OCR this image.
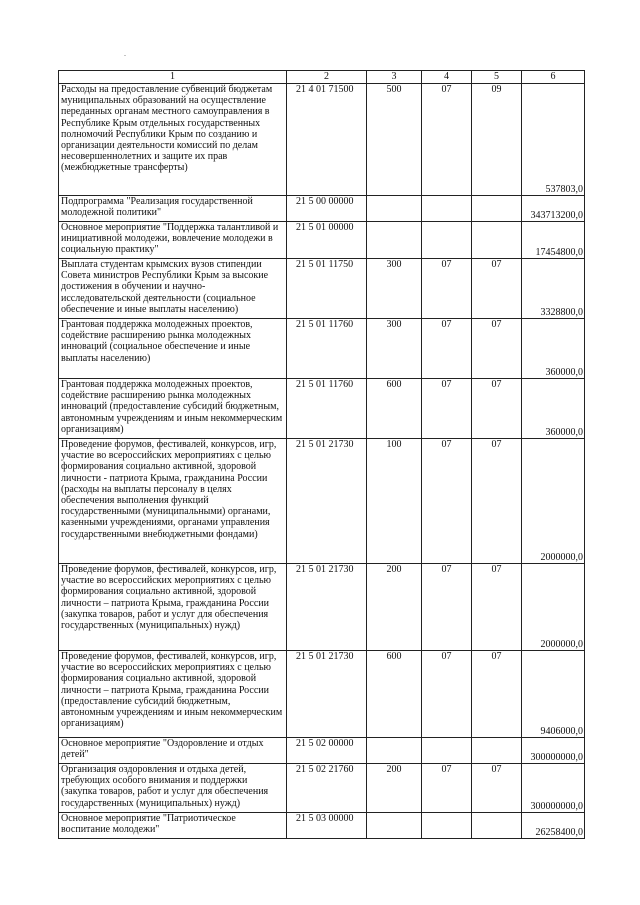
.
1	2	3	4	5	6
Расходы на предоставление субвенций бюджетам муниципальных образований на осуществление переданных органам местного самоуправления в Республике Крым отдельных государственных полномочий Республики Крым по созданию и организации деятельности комиссий по делам несовершеннолетних и защите их прав (межбюджетные трансферты)	21 4 01 71500	500	07	09	537803,0
Подпрограмма "Реализация государственной молодежной политики"	21 5 00 00000				343713200,0
Основное мероприятие "Поддержка талантливой и инициативной молодежи, вовлечение молодежи в социальную практику"	21 5 01 00000				17454800,0
Выплата студентам крымских вузов стипендии Совета министров Республики Крым за высокие достижения в обучении и научно-исследовательской деятельности (социальное обеспечение и иные выплаты населению)	21 5 01 11750	300	07	07	3328800,0
Грантовая поддержка молодежных проектов, содействие расширению рынка молодежных инноваций (социальное обеспечение и иные выплаты населению)	21 5 01 11760	300	07	07	360000,0
Грантовая поддержка молодежных проектов, содействие расширению рынка молодежных инноваций (предоставление субсидий бюджетным, автономным учреждениям и иным некоммерческим организациям)	21 5 01 11760	600	07	07	360000,0
Проведение форумов, фестивалей, конкурсов, игр, участие во всероссийских мероприятиях с целью формирования социально активной, здоровой личности - патриота Крыма, гражданина России (расходы на выплаты персоналу в целях обеспечения выполнения функций государственными (муниципальными) органами, казенными учреждениями, органами управления государственными внебюджетными фондами)	21 5 01 21730	100	07	07	2000000,0
Проведение форумов, фестивалей, конкурсов, игр, участие во всероссийских мероприятиях с целью формирования социально активной, здоровой личности – патриота Крыма, гражданина России (закупка товаров, работ и услуг для обеспечения государственных (муниципальных) нужд)	21 5 01 21730	200	07	07	2000000,0
Проведение форумов, фестивалей, конкурсов, игр, участие во всероссийских мероприятиях с целью формирования социально активной, здоровой личности – патриота Крыма, гражданина России (предоставление субсидий бюджетным, автономным учреждениям и иным некоммерческим организациям)	21 5 01 21730	600	07	07	9406000,0
Основное мероприятие "Оздоровление и отдых детей"	21 5 02 00000				300000000,0
Организация оздоровления и отдыха детей, требующих особого внимания и поддержки (закупка товаров, работ и услуг для обеспечения государственных (муниципальных) нужд)	21 5 02 21760	200	07	07	300000000,0
Основное мероприятие "Патриотическое воспитание молодежи"	21 5 03 00000				26258400,0
